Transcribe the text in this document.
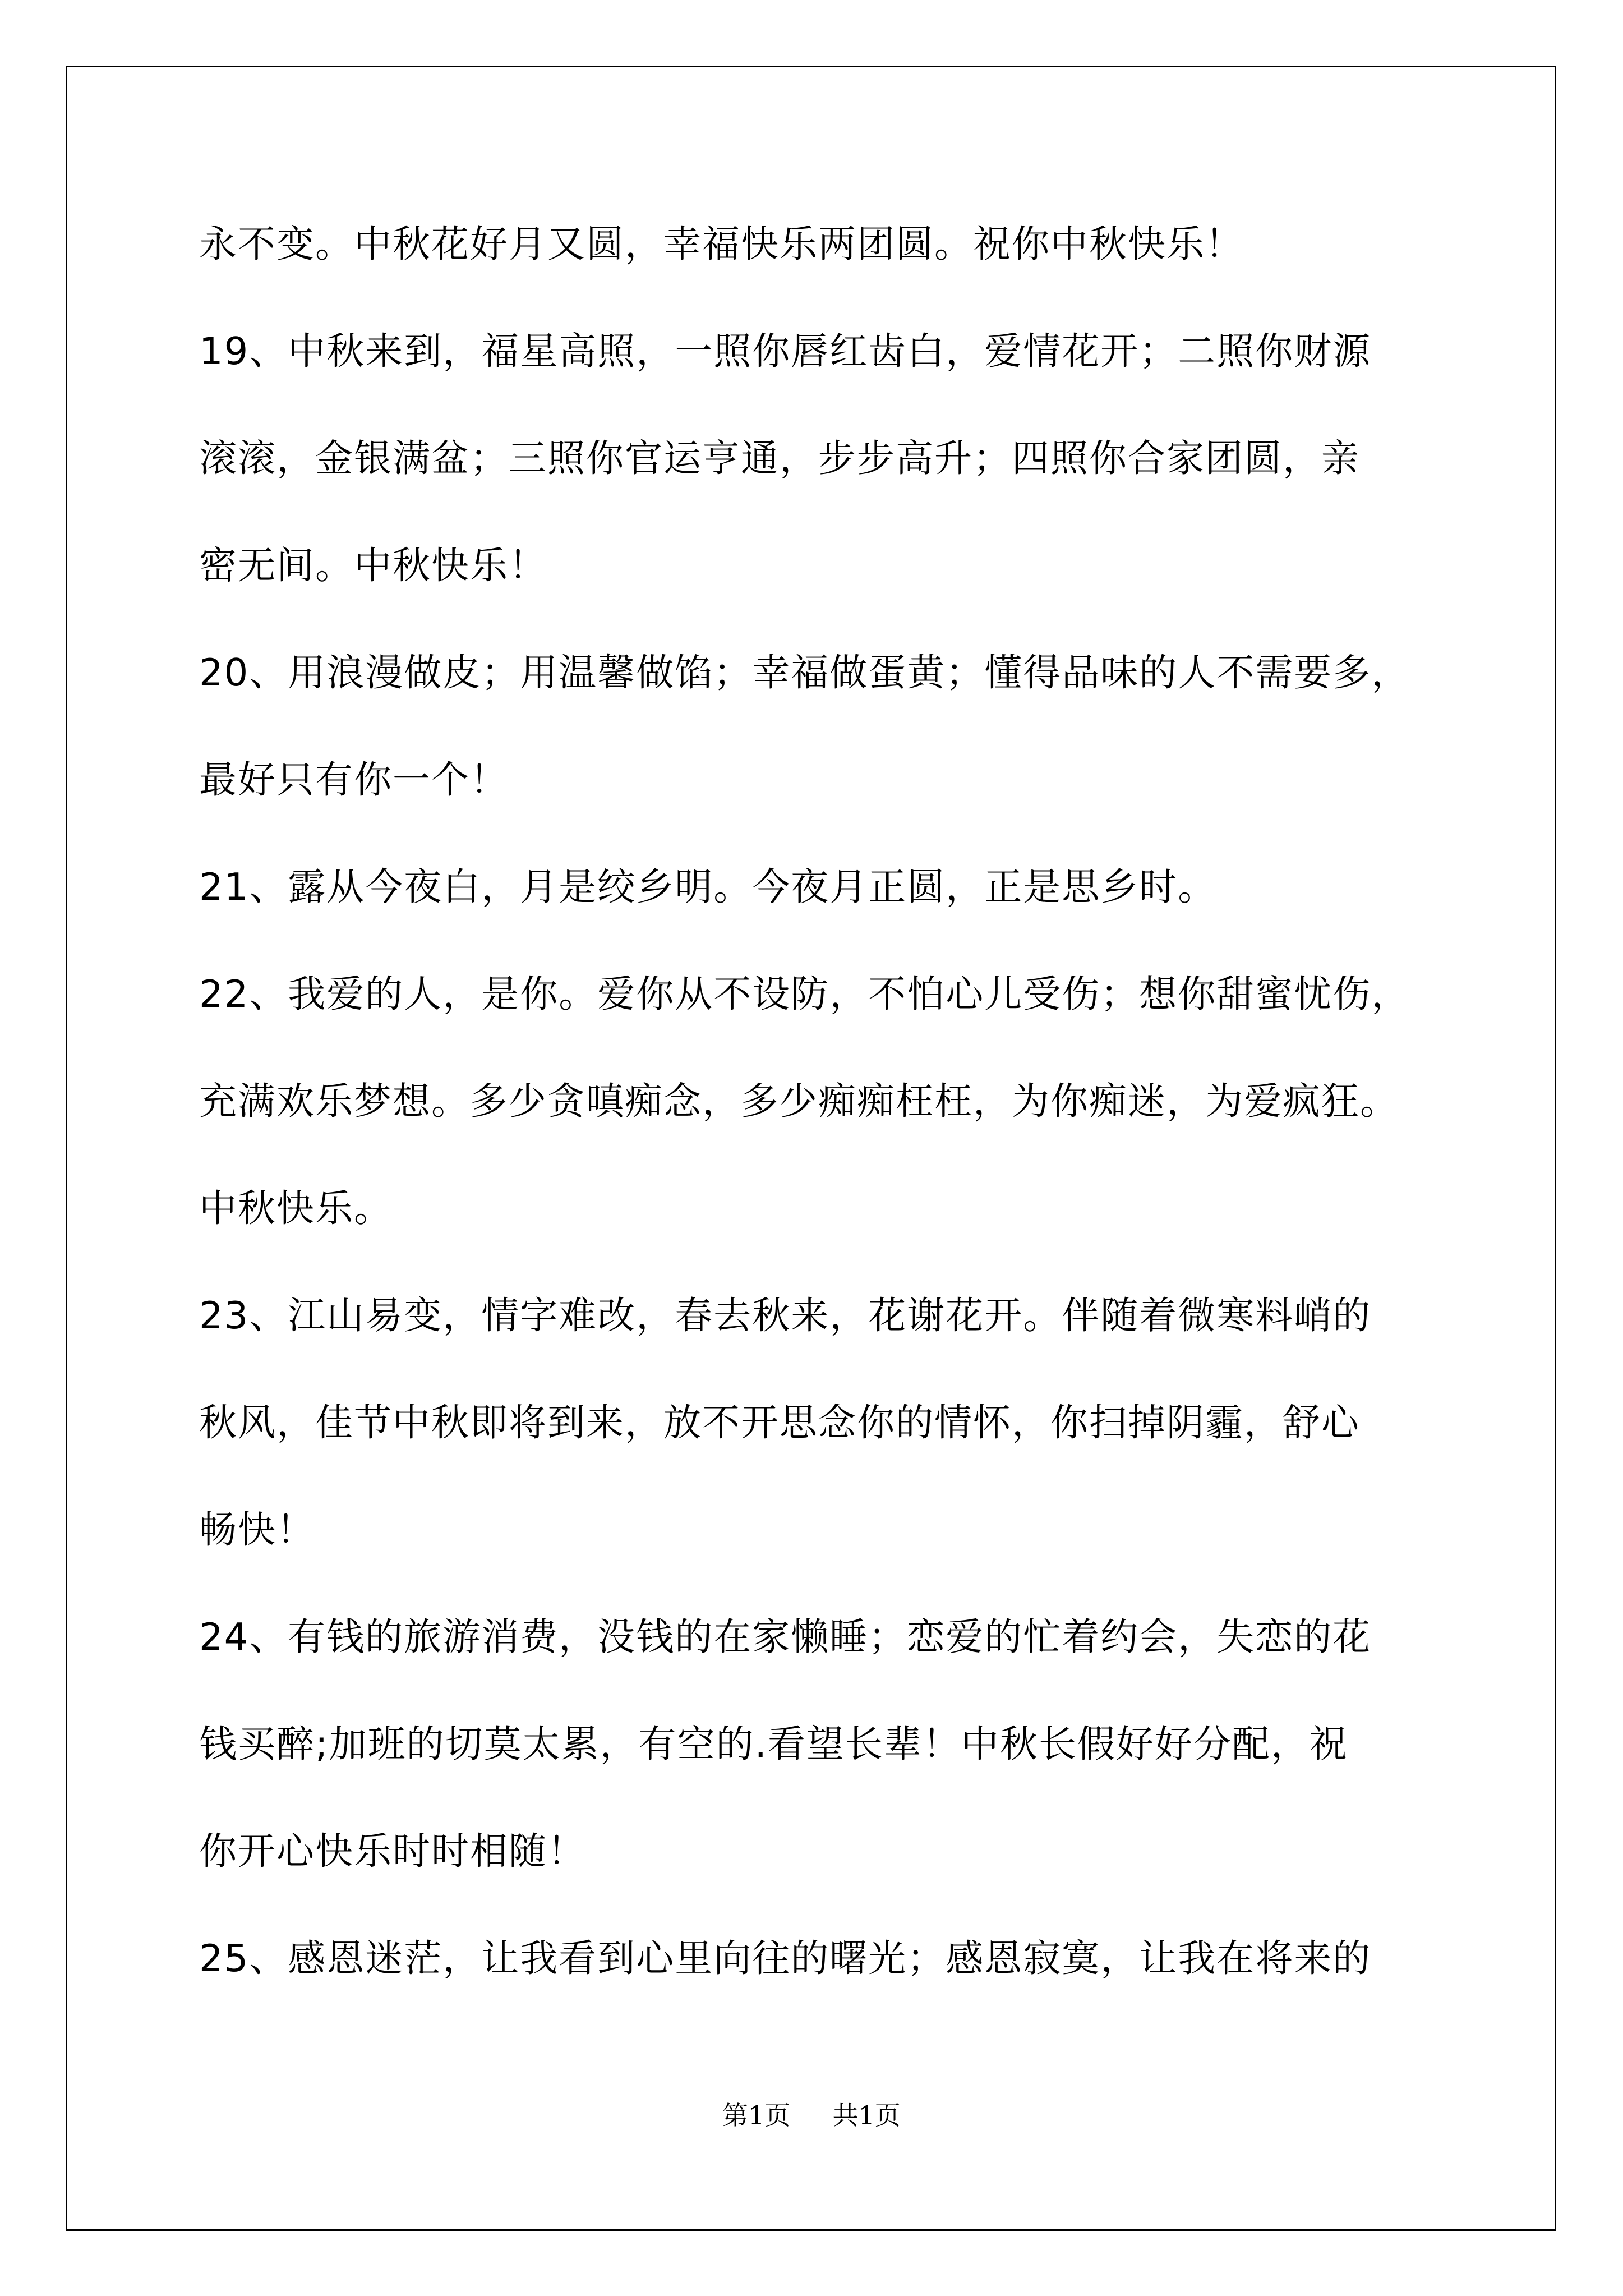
永不变。中秋花好月又圆，幸福快乐两团圆。祝你中秋快乐！
19、中秋来到，福星高照，一照你唇红齿白，爱情花开；二照你财源
滚滚，金银满盆；三照你官运亨通，步步高升；四照你合家团圆，亲
密无间。中秋快乐！
20、用浪漫做皮；用温馨做馅；幸福做蛋黄；懂得品味的人不需要多，
最好只有你一个！
21、露从今夜白，月是绞乡明。今夜月正圆，正是思乡时。
22、我爱的人，是你。爱你从不设防，不怕心儿受伤；想你甜蜜忧伤，
充满欢乐梦想。多少贪嗔痴念，多少痴痴枉枉，为你痴迷，为爱疯狂。
中秋快乐。
23、江山易变，情字难改，春去秋来，花谢花开。伴随着微寒料峭的
秋风，佳节中秋即将到来，放不开思念你的情怀，你扫掉阴霾，舒心
畅快！
24、有钱的旅游消费，没钱的在家懒睡；恋爱的忙着约会，失恋的花
钱买醉;加班的切莫太累，有空的.看望长辈！中秋长假好好分配，祝
你开心快乐时时相随！
25、感恩迷茫，让我看到心里向往的曙光；感恩寂寞，让我在将来的
第1页 共1页
